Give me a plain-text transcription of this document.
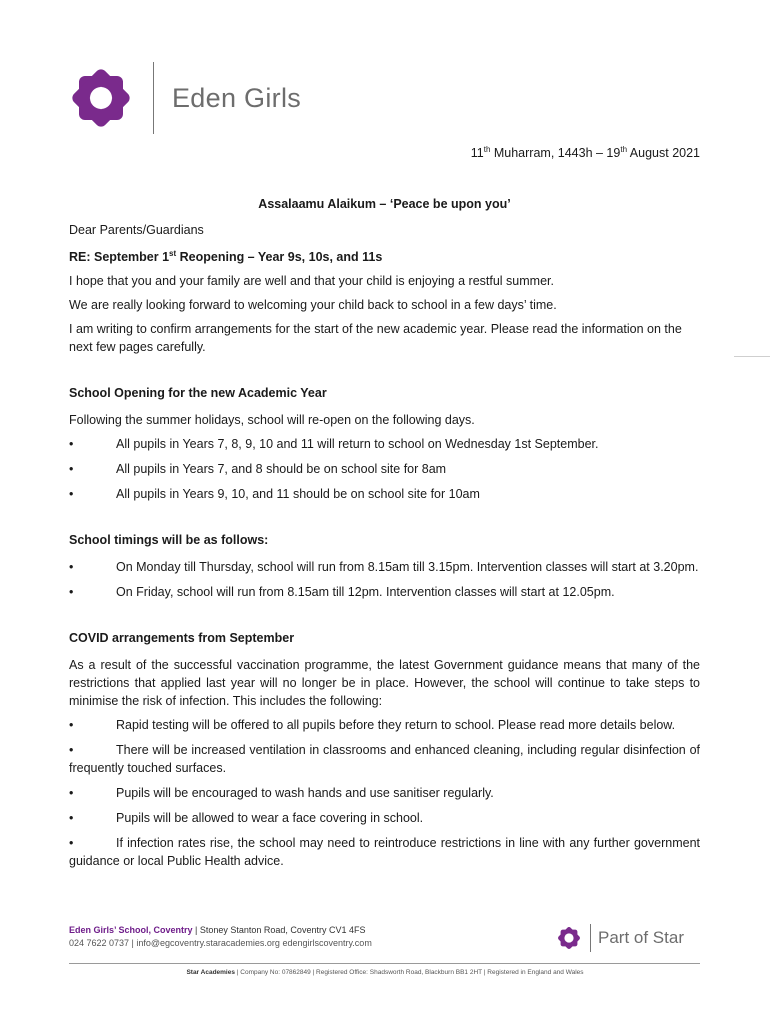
Eden Girls
11th Muharram, 1443h – 19th August 2021

Assalaamu Alaikum – ‘Peace be upon you’

Dear Parents/Guardians

RE: September 1st Reopening – Year 9s, 10s, and 11s

I hope that you and your family are well and that your child is enjoying a restful summer.

We are really looking forward to welcoming your child back to school in a few days’ time.

I am writing to confirm arrangements for the start of the new academic year. Please read the information on the next few pages carefully.

School Opening for the new Academic Year

Following the summer holidays, school will re-open on the following days.

•	All pupils in Years 7, 8, 9, 10 and 11 will return to school on Wednesday 1st September.

•	All pupils in Years 7, and 8 should be on school site for 8am

•	All pupils in Years 9, 10, and 11 should be on school site for 10am

School timings will be as follows:

•	On Monday till Thursday, school will run from 8.15am till 3.15pm. Intervention classes will start at 3.20pm.

•	On Friday, school will run from 8.15am till 12pm. Intervention classes will start at 12.05pm.

COVID arrangements from September

As a result of the successful vaccination programme, the latest Government guidance means that many of the restrictions that applied last year will no longer be in place. However, the school will continue to take steps to minimise the risk of infection. This includes the following:

•	Rapid testing will be offered to all pupils before they return to school. Please read more details below.

•	There will be increased ventilation in classrooms and enhanced cleaning, including regular disinfection of frequently touched surfaces.

•	Pupils will be encouraged to wash hands and use sanitiser regularly.

•	Pupils will be allowed to wear a face covering in school.

•	If infection rates rise, the school may need to reintroduce restrictions in line with any further government guidance or local Public Health advice.

Eden Girls’ School, Coventry | Stoney Stanton Road, Coventry CV1 4FS
024 7622 0737 | info@egcoventry.staracademies.org edengirlscoventry.com	Part of Star
Star Academies | Company No: 07862849 | Registered Office: Shadsworth Road, Blackburn BB1 2HT | Registered in England and Wales
